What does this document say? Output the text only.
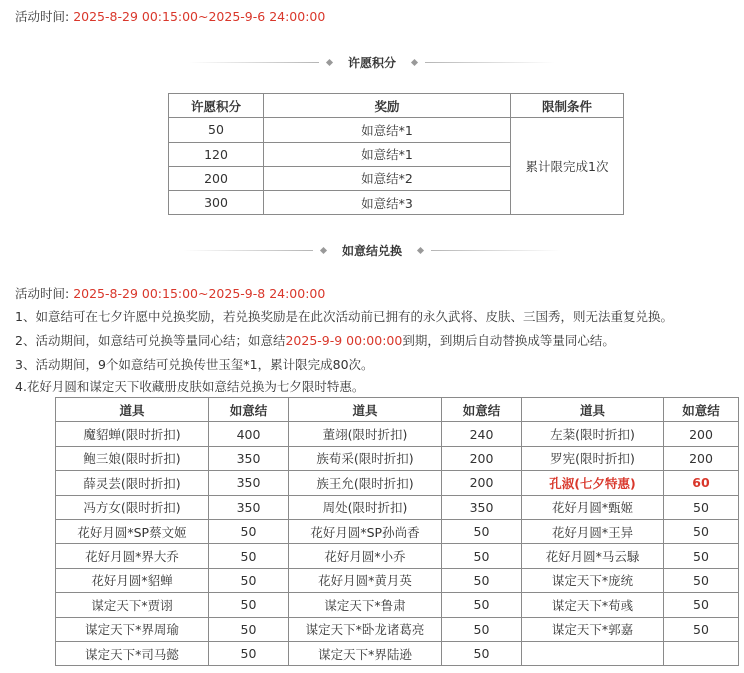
活动时间: 2025-8-29 00:15:00~2025-9-6 24:00:00
许愿积分
许愿积分	奖励	限制条件
50	如意结*1	累计限完成1次
120	如意结*1	
200	如意结*2	
300	如意结*3	
如意结兑换
活动时间: 2025-8-29 00:15:00~2025-9-8 24:00:00
1、如意结可在七夕许愿中兑换奖励，若兑换奖励是在此次活动前已拥有的永久武将、皮肤、三国秀，则无法重复兑换。
2、活动期间，如意结可兑换等量同心结；如意结2025-9-9 00:00:00到期，到期后自动替换成等量同心结。
3、活动期间，9个如意结可兑换传世玉玺*1，累计限完成80次。
4.花好月圆和谋定天下收藏册皮肤如意结兑换为七夕限时特惠。
道具	如意结	道具	如意结	道具	如意结
魔貂蝉(限时折扣)	400	董翊(限时折扣)	240	左棻(限时折扣)	200
鲍三娘(限时折扣)	350	族荀采(限时折扣)	200	罗宪(限时折扣)	200
薛灵芸(限时折扣)	350	族王允(限时折扣)	200	孔淑(七夕特惠)	60
冯方女(限时折扣)	350	周处(限时折扣)	350	花好月圆*甄姬	50
花好月圆*SP蔡文姬	50	花好月圆*SP孙尚香	50	花好月圆*王异	50
花好月圆*界大乔	50	花好月圆*小乔	50	花好月圆*马云騄	50
花好月圆*貂蝉	50	花好月圆*黄月英	50	谋定天下*庞统	50
谋定天下*贾诩	50	谋定天下*鲁肃	50	谋定天下*荀彧	50
谋定天下*界周瑜	50	谋定天下*卧龙诸葛亮	50	谋定天下*郭嘉	50
谋定天下*司马懿	50	谋定天下*界陆逊	50		
